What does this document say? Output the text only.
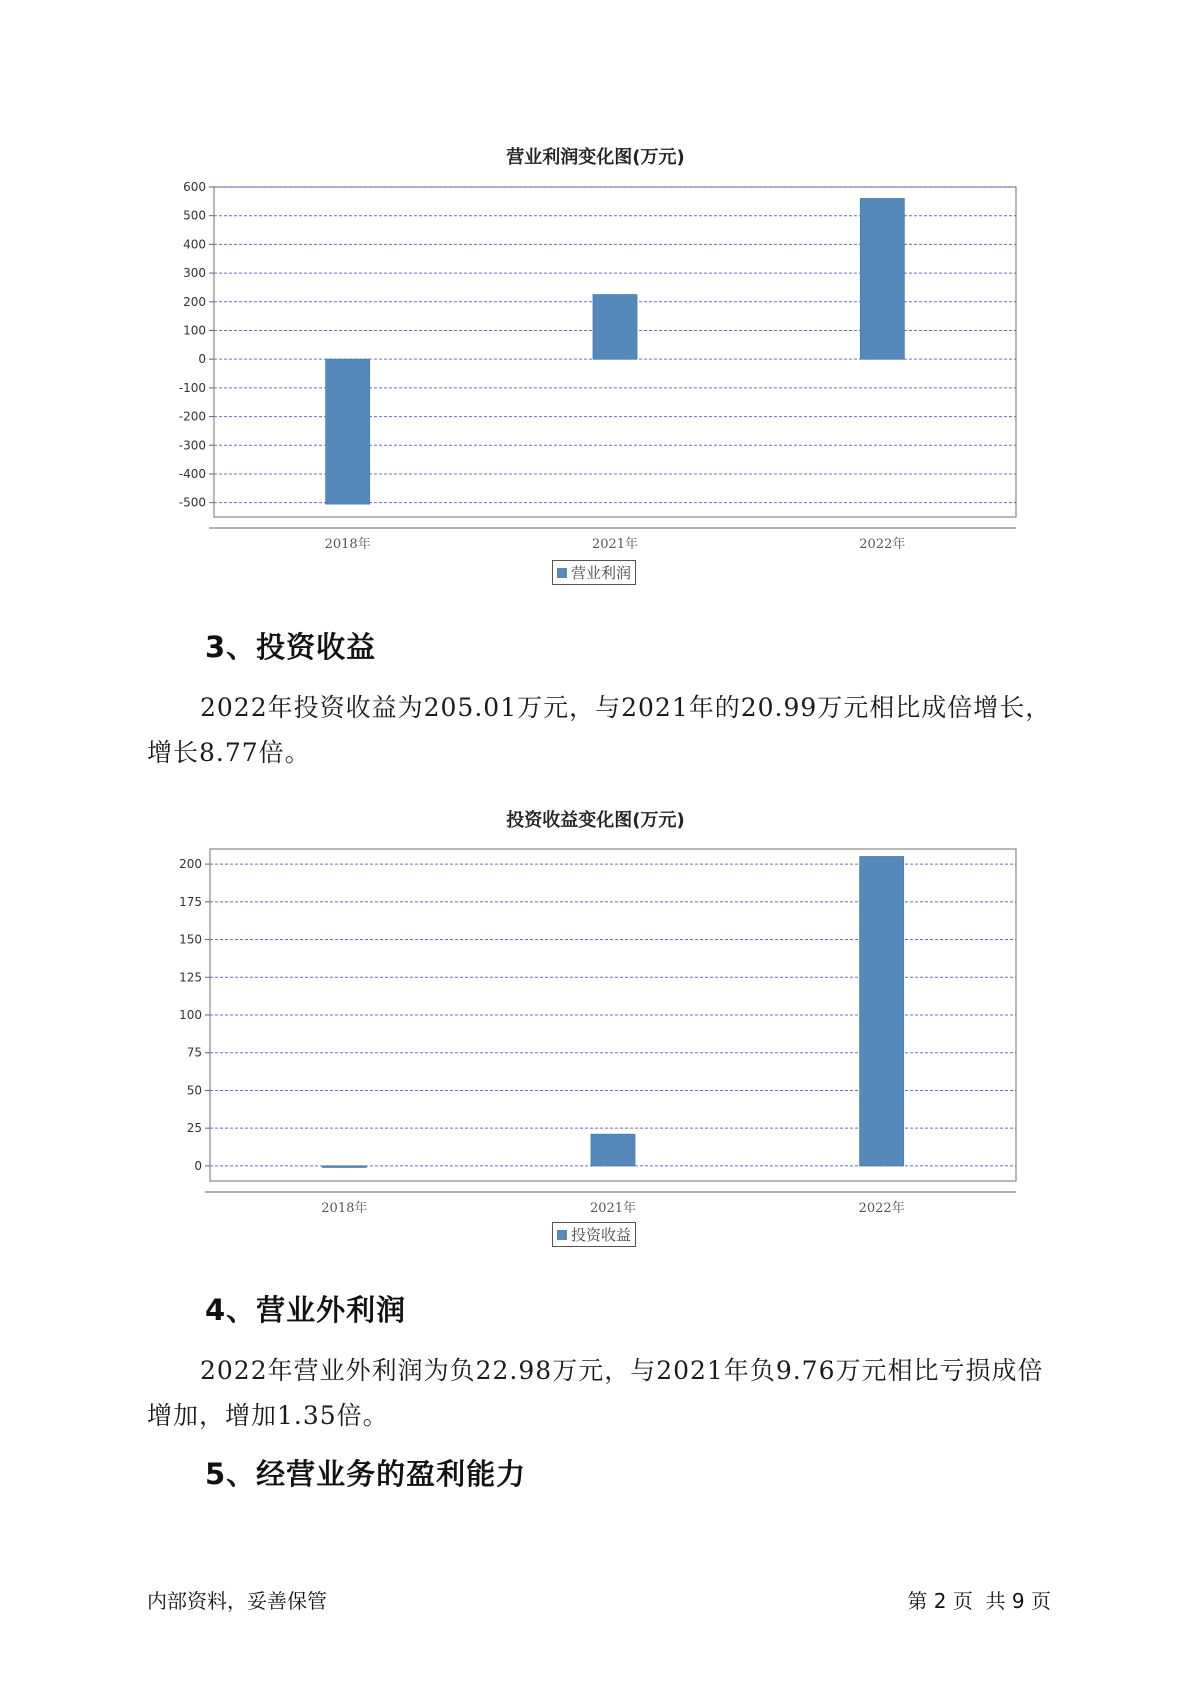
营业利润变化图(万元)
600
500
400
300
200
100
0
-100
-200
-300
-400
-500
2018年	2021年	2022年
营业利润
3、投资收益

2022年投资收益为205.01万元，与2021年的20.99万元相比成倍增长，增长8.77倍。

投资收益变化图(万元)
200
175
150
125
100
75
50
25
0
2018年	2021年	2022年
投资收益
4、营业外利润

2022年营业外利润为负22.98万元，与2021年负9.76万元相比亏损成倍增加，增加1.35倍。

5、经营业务的盈利能力
内部资料，妥善保管	第 2 页  共 9 页
